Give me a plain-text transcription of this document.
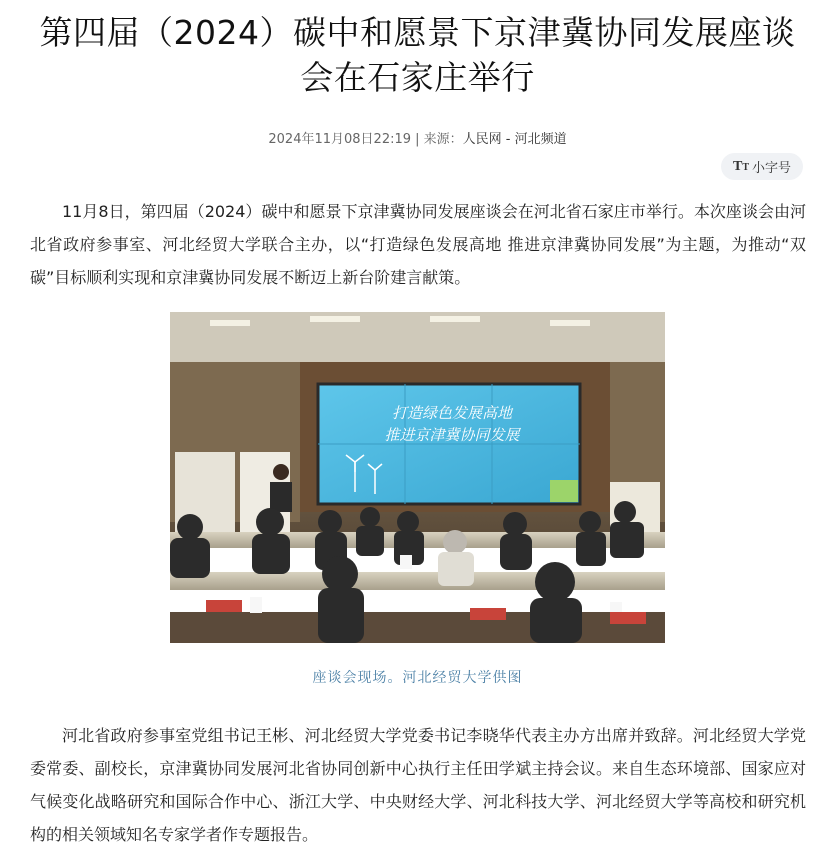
第四届（2024）碳中和愿景下京津冀协同发展座谈
会在石家庄举行
2024年11月08日22:19 | 来源：人民网 - 河北频道
TT 小字号

11月8日，第四届（2024）碳中和愿景下京津冀协同发展座谈会在河北省石家庄市举行。本次座谈会由河北省政府参事室、河北经贸大学联合主办，以“打造绿色发展高地 推进京津冀协同发展”为主题，为推动“双碳”目标顺利实现和京津冀协同发展不断迈上新台阶建言献策。

打造绿色发展高地
推进京津冀协同发展
座谈会现场。河北经贸大学供图

河北省政府参事室党组书记王彬、河北经贸大学党委书记李晓华代表主办方出席并致辞。河北经贸大学党委常委、副校长，京津冀协同发展河北省协同创新中心执行主任田学斌主持会议。来自生态环境部、国家应对气候变化战略研究和国际合作中心、浙江大学、中央财经大学、河北科技大学、河北经贸大学等高校和研究机构的相关领域知名专家学者作专题报告。
